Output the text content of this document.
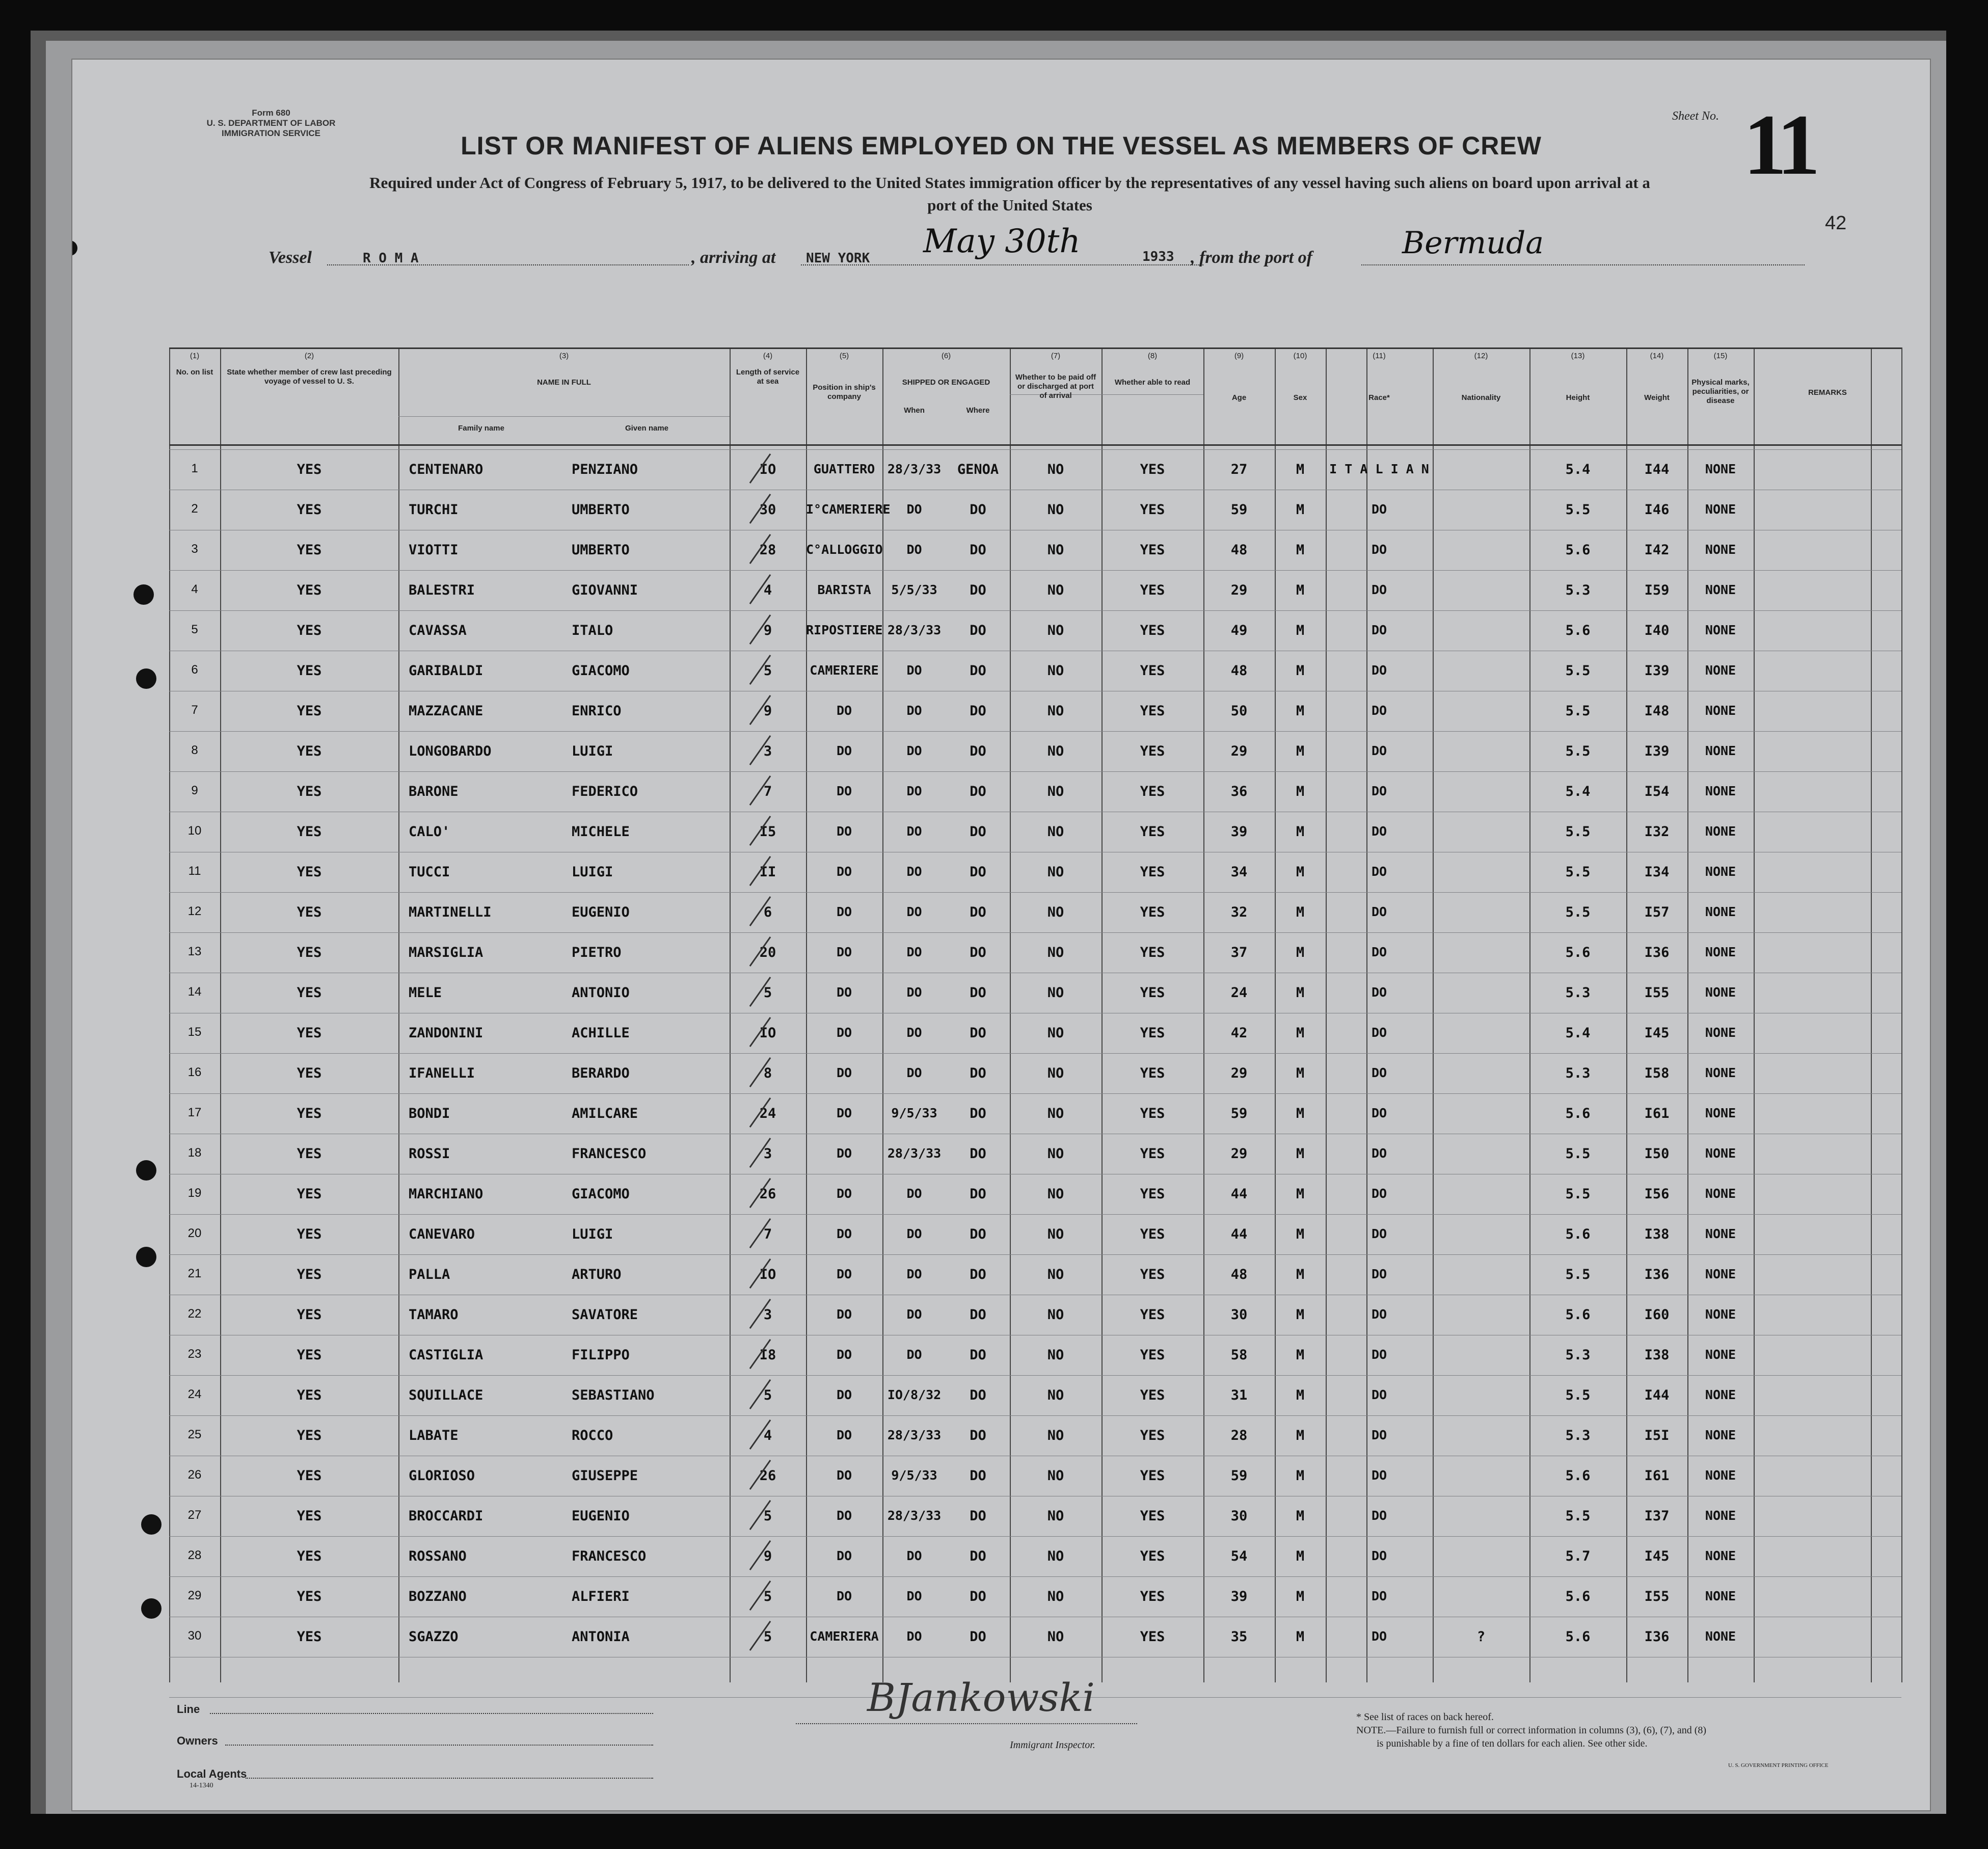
Form 680
U. S. DEPARTMENT OF LABOR
IMMIGRATION SERVICE
Sheet No. 11
LIST OR MANIFEST OF ALIENS EMPLOYED ON THE VESSEL AS MEMBERS OF CREW
Required under Act of Congress of February 5, 1917, to be delivered to the United States immigration officer by the representatives of any vessel having such aliens on board upon arrival at a
port of the United States
42
Vessel	R O M A	, arriving at NEW YORK May 30th	1933 , from the port of	Bermuda
(1)
No. on list
(2)
State whether member of crew last preceding voyage of vessel to U. S.
(3)
NAME IN FULL
Family name	Given name
(4)
Length of service at sea
(5)
Position in ship's company
(6)
SHIPPED OR ENGAGED
When	Where
(7)
Whether to be paid off or discharged at port of arrival
(8)
Whether able to read
(9)
Age
(10)
Sex
(11)
Race*
(12)
Nationality
(13)
Height
(14)
Weight
(15)
Physical marks, peculiarities, or disease
REMARKS
1	YES	CENTENARO	PENZIANO	IO	GUATTERO 28/3/33	GENOA	NO	YES	27	M	I T A L I A N	5.4	I44	NONE
2	YES	TURCHI	UMBERTO	30	I°CAMERIERE	DO	DO	NO	YES	59	M	DO	5.5	I46	NONE
3	YES	VIOTTI	UMBERTO	28	C°ALLOGGIO	DO	DO	NO	YES	48	M	DO	5.6	I42	NONE
4	YES	BALESTRI	GIOVANNI	4	BARISTA	5/5/33	DO	NO	YES	29	M	DO	5.3	I59	NONE
5	YES	CAVASSA	ITALO	9	RIPOSTIERE 28/3/33	DO	NO	YES	49	M	DO	5.6	I40	NONE
6	YES	GARIBALDI	GIACOMO	5	CAMERIERE	DO	DO	NO	YES	48	M	DO	5.5	I39	NONE
7	YES	MAZZACANE	ENRICO	9	DO	DO	DO	NO	YES	50	M	DO	5.5	I48	NONE
8	YES	LONGOBARDO	LUIGI	3	DO	DO	DO	NO	YES	29	M	DO	5.5	I39	NONE
9	YES	BARONE	FEDERICO	7	DO	DO	DO	NO	YES	36	M	DO	5.4	I54	NONE
10	YES	CALO'	MICHELE	I5	DO	DO	DO	NO	YES	39	M	DO	5.5	I32	NONE
11	YES	TUCCI	LUIGI	II	DO	DO	DO	NO	YES	34	M	DO	5.5	I34	NONE
12	YES	MARTINELLI	EUGENIO	6	DO	DO	DO	NO	YES	32	M	DO	5.5	I57	NONE
13	YES	MARSIGLIA	PIETRO	20	DO	DO	DO	NO	YES	37	M	DO	5.6	I36	NONE
14	YES	MELE	ANTONIO	5	DO	DO	DO	NO	YES	24	M	DO	5.3	I55	NONE
15	YES	ZANDONINI	ACHILLE	IO	DO	DO	DO	NO	YES	42	M	DO	5.4	I45	NONE
16	YES	IFANELLI	BERARDO	8	DO	DO	DO	NO	YES	29	M	DO	5.3	I58	NONE
17	YES	BONDI	AMILCARE	24	DO	9/5/33	DO	NO	YES	59	M	DO	5.6	I61	NONE
18	YES	ROSSI	FRANCESCO	3	DO	28/3/33	DO	NO	YES	29	M	DO	5.5	I50	NONE
19	YES	MARCHIANO	GIACOMO	26	DO	DO	DO	NO	YES	44	M	DO	5.5	I56	NONE
20	YES	CANEVARO	LUIGI	7	DO	DO	DO	NO	YES	44	M	DO	5.6	I38	NONE
21	YES	PALLA	ARTURO	IO	DO	DO	DO	NO	YES	48	M	DO	5.5	I36	NONE
22	YES	TAMARO	SAVATORE	3	DO	DO	DO	NO	YES	30	M	DO	5.6	I60	NONE
23	YES	CASTIGLIA	FILIPPO	I8	DO	DO	DO	NO	YES	58	M	DO	5.3	I38	NONE
24	YES	SQUILLACE	SEBASTIANO	5	DO	IO/8/32	DO	NO	YES	31	M	DO	5.5	I44	NONE
25	YES	LABATE	ROCCO	4	DO	28/3/33	DO	NO	YES	28	M	DO	5.3	I5I	NONE
26	YES	GLORIOSO	GIUSEPPE	26	DO	9/5/33	DO	NO	YES	59	M	DO	5.6	I61	NONE
27	YES	BROCCARDI	EUGENIO	5	DO	28/3/33	DO	NO	YES	30	M	DO	5.5	I37	NONE
28	YES	ROSSANO	FRANCESCO	9	DO	DO	DO	NO	YES	54	M	DO	5.7	I45	NONE
29	YES	BOZZANO	ALFIERI	5	DO	DO	DO	NO	YES	39	M	DO	5.6	I55	NONE
30	YES	SGAZZO	ANTONIA	5	CAMERIERA	DO	DO	NO	YES	35	M	DO	?	5.6	I36	NONE
Line
Owners
Local Agents
14-1340
BJankowski
Immigrant Inspector.
* See list of races on back hereof.
NOTE.—Failure to furnish full or correct information in columns (3), (6), (7), and (8)
is punishable by a fine of ten dollars for each alien. See other side.
U. S. GOVERNMENT PRINTING OFFICE
